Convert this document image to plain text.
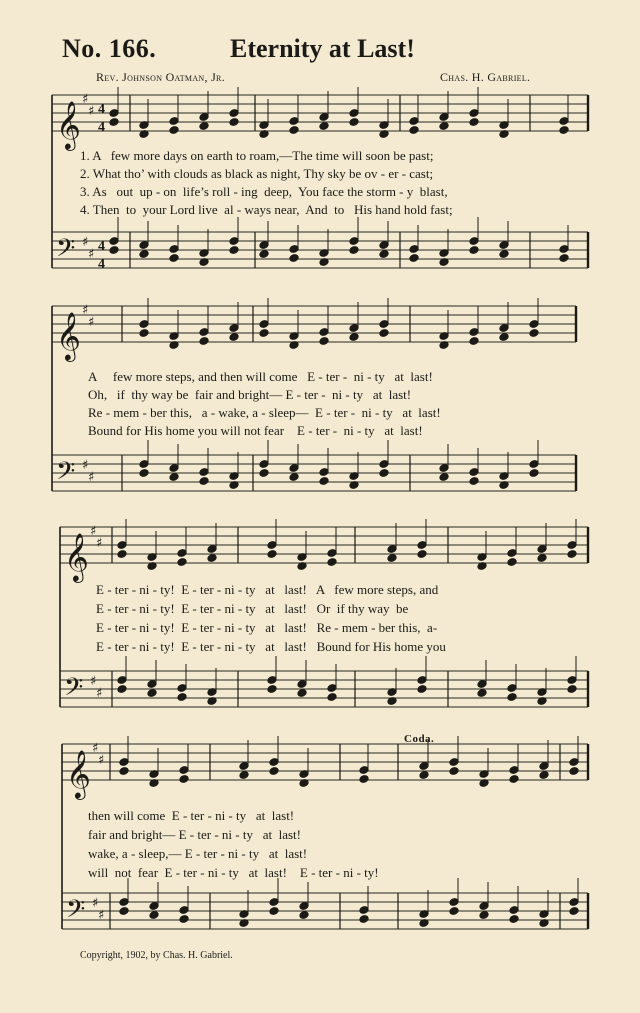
No. 166.	Eternity at Last!
Rev. Johnson Oatman, Jr.	Chas. H. Gabriel.
𝄞
𝄢
♯
♯
♯
♯
4
4
4
4
𝄞
𝄢
♯
♯
♯
♯
𝄞
𝄢
♯
♯
♯
♯
𝄞
𝄢
♯
♯
♯
♯
1. A   few more days on earth to roam,—The time will soon be past;
2. What tho’ with clouds as black as night, Thy sky be ov - er - cast;
3. As   out  up - on  life’s roll - ing  deep,  You face the storm - y  blast,
4. Then  to  your Lord live  al - ways near,  And  to   His hand hold fast;
A     few more steps, and then will come   E - ter -  ni - ty   at  last!
Oh,   if  thy way be  fair and bright— E - ter -  ni - ty   at  last!
Re - mem - ber this,   a - wake, a - sleep—  E - ter -  ni - ty   at  last!
Bound for His home you will not fear    E - ter -  ni - ty   at  last!
E - ter - ni - ty!  E - ter - ni - ty   at   last!   A   few more steps, and
E - ter - ni - ty!  E - ter - ni - ty   at   last!   Or  if thy way  be
E - ter - ni - ty!  E - ter - ni - ty   at   last!   Re - mem - ber this,  a-
E - ter - ni - ty!  E - ter - ni - ty   at   last!   Bound for His home you
Coda.
then will come  E - ter - ni - ty   at  last!
fair and bright— E - ter - ni - ty   at  last!
wake, a - sleep,— E - ter - ni - ty   at  last!
will  not  fear  E - ter - ni - ty   at  last!    E - ter - ni - ty!
Copyright, 1902, by Chas. H. Gabriel.
